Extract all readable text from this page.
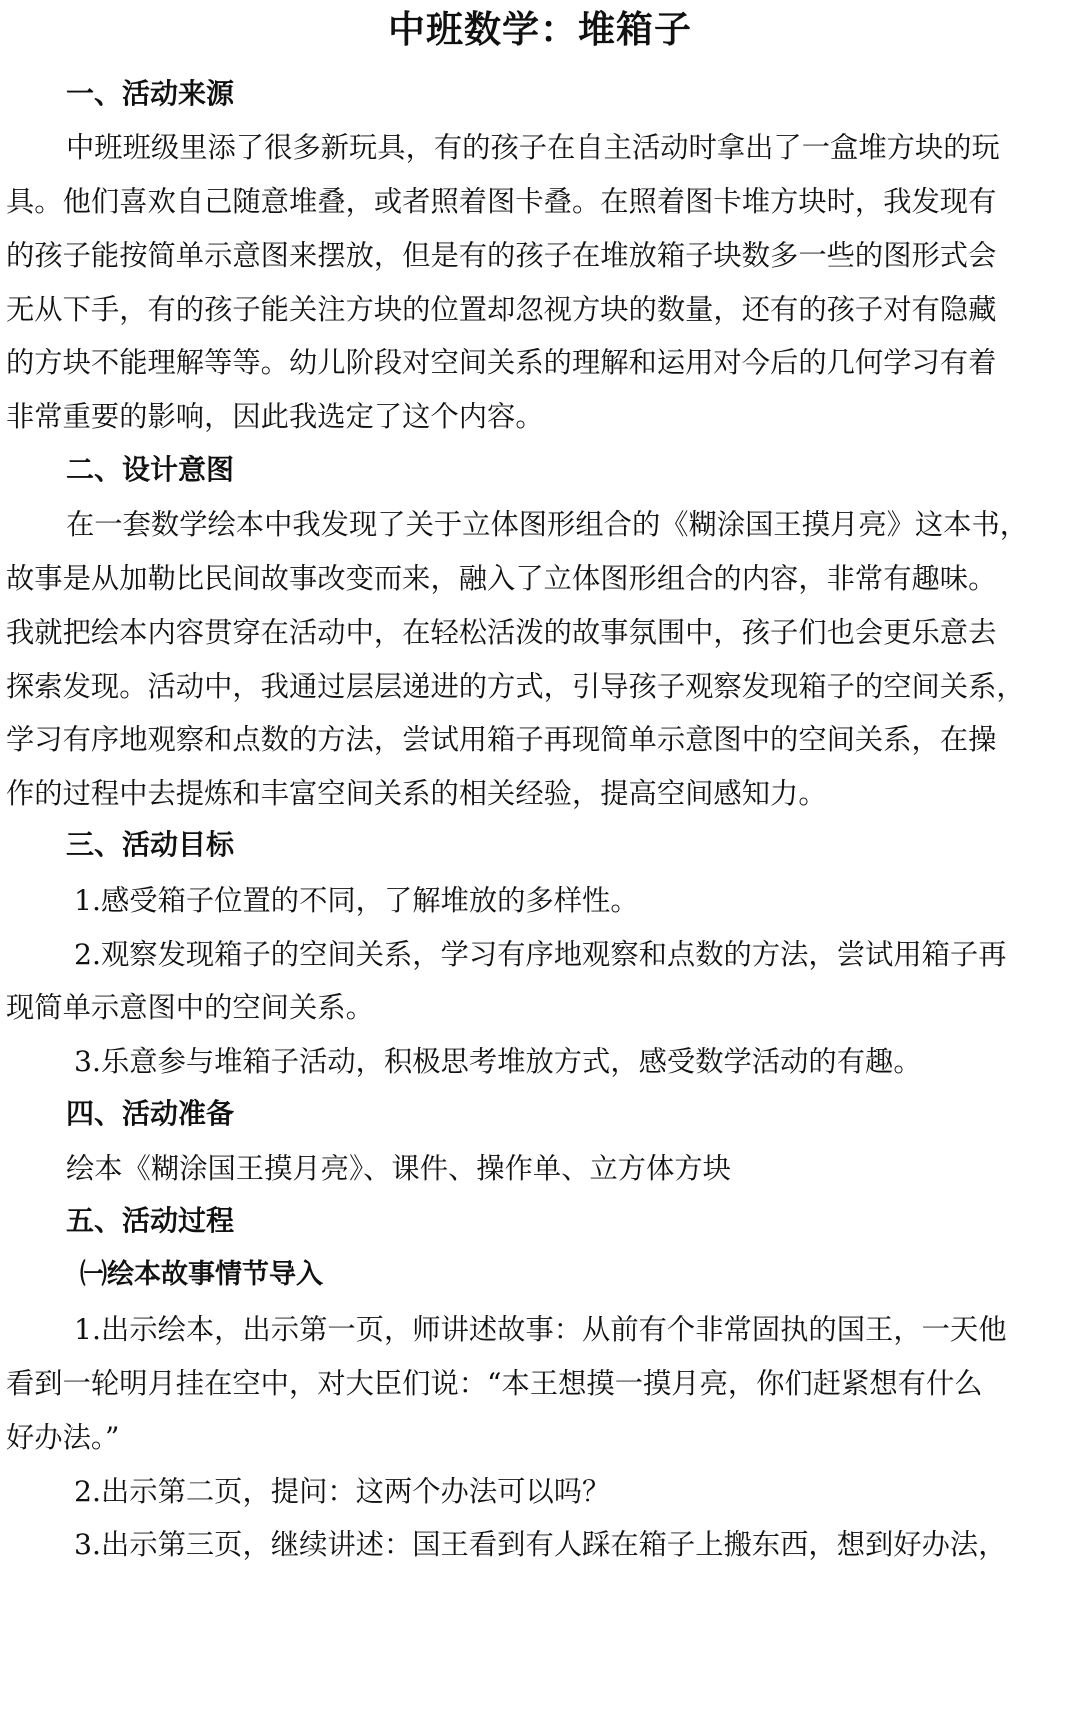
中班数学：堆箱子
一、活动来源
中班班级里添了很多新玩具，有的孩子在自主活动时拿出了一盒堆方块的玩
具。他们喜欢自己随意堆叠，或者照着图卡叠。在照着图卡堆方块时，我发现有
的孩子能按简单示意图来摆放，但是有的孩子在堆放箱子块数多一些的图形式会
无从下手，有的孩子能关注方块的位置却忽视方块的数量，还有的孩子对有隐藏
的方块不能理解等等。幼儿阶段对空间关系的理解和运用对今后的几何学习有着
非常重要的影响，因此我选定了这个内容。
二、设计意图
在一套数学绘本中我发现了关于立体图形组合的《糊涂国王摸月亮》这本书，
故事是从加勒比民间故事改变而来，融入了立体图形组合的内容，非常有趣味。
我就把绘本内容贯穿在活动中，在轻松活泼的故事氛围中，孩子们也会更乐意去
探索发现。活动中，我通过层层递进的方式，引导孩子观察发现箱子的空间关系，
学习有序地观察和点数的方法，尝试用箱子再现简单示意图中的空间关系，在操
作的过程中去提炼和丰富空间关系的相关经验，提高空间感知力。
三、活动目标
1.感受箱子位置的不同，了解堆放的多样性。
2.观察发现箱子的空间关系，学习有序地观察和点数的方法，尝试用箱子再
现简单示意图中的空间关系。
3.乐意参与堆箱子活动，积极思考堆放方式，感受数学活动的有趣。
四、活动准备
绘本《糊涂国王摸月亮》、课件、操作单、立方体方块
五、活动过程
㈠绘本故事情节导入
1.出示绘本，出示第一页，师讲述故事：从前有个非常固执的国王，一天他
看到一轮明月挂在空中，对大臣们说：“本王想摸一摸月亮，你们赶紧想有什么
好办法。”
2.出示第二页，提问：这两个办法可以吗？
3.出示第三页，继续讲述：国王看到有人踩在箱子上搬东西，想到好办法，
